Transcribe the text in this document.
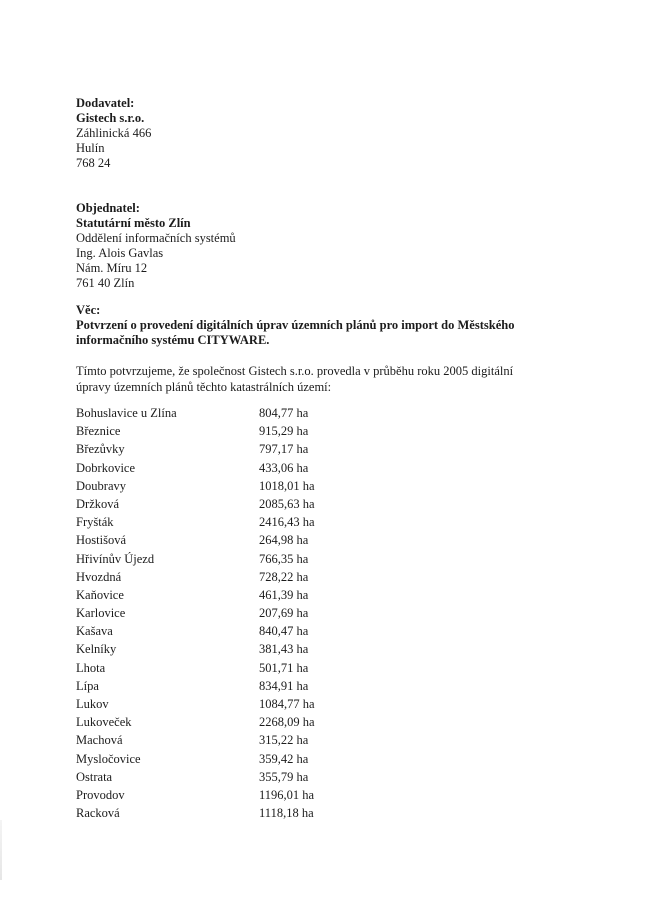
Dodavatel:
Gistech s.r.o.
Záhlinická 466
Hulín
768 24
Objednatel:
Statutární město Zlín
Oddělení informačních systémů
Ing. Alois Gavlas
Nám. Míru 12
761 40 Zlín
Věc:
Potvrzení o provedení digitálních úprav územních plánů pro import do Městského
informačního systému CITYWARE.
Tímto potvrzujeme, že společnost Gistech s.r.o. provedla v průběhu roku 2005 digitální
úpravy územních plánů těchto katastrálních území:
Bohuslavice u Zlína	804,77 ha
Březnice	915,29 ha
Březůvky	797,17 ha
Dobrkovice	433,06 ha
Doubravy	1018,01 ha
Držková	2085,63 ha
Fryšták	2416,43 ha
Hostišová	264,98 ha
Hřivínův Újezd	766,35 ha
Hvozdná	728,22 ha
Kaňovice	461,39 ha
Karlovice	207,69 ha
Kašava	840,47 ha
Kelníky	381,43 ha
Lhota	501,71 ha
Lípa	834,91 ha
Lukov	1084,77 ha
Lukoveček	2268,09 ha
Machová	315,22 ha
Mysločovice	359,42 ha
Ostrata	355,79 ha
Provodov	1196,01 ha
Racková	1118,18 ha
